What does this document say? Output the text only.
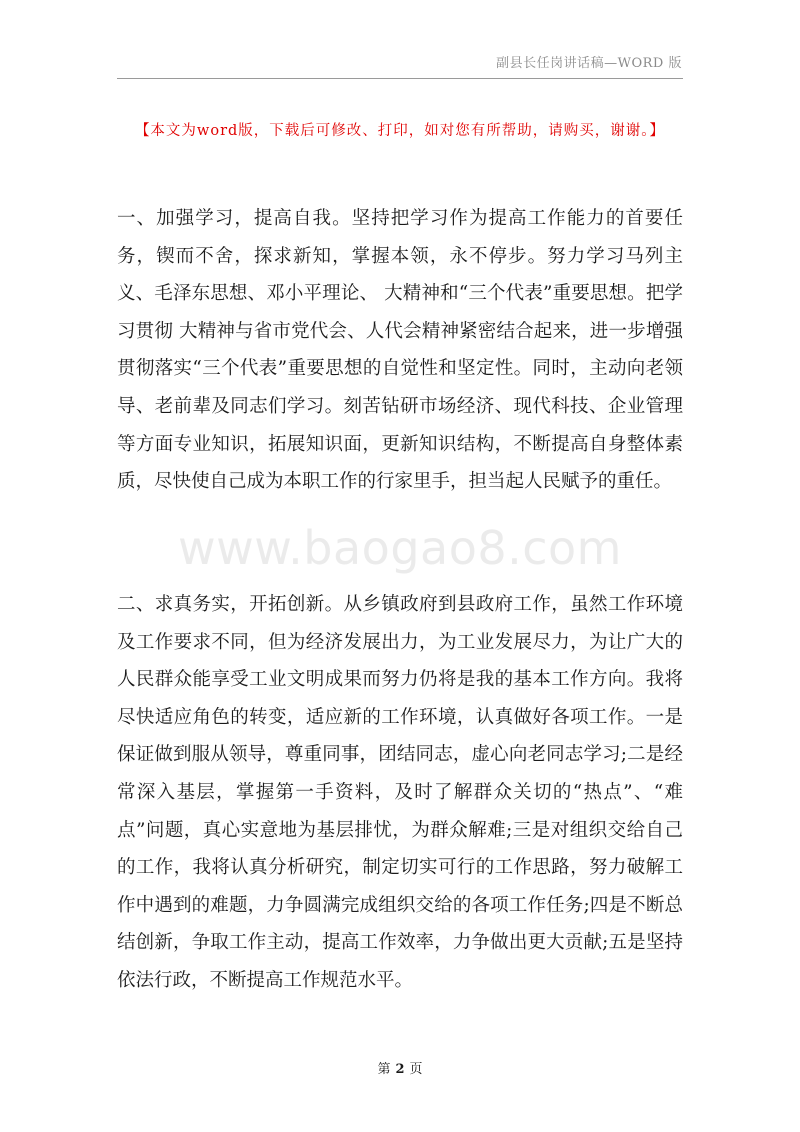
副县长任岗讲话稿—WORD 版
【本文为word版，下载后可修改、打印，如对您有所帮助，请购买，谢谢。】

一、加强学习，提高自我。坚持把学习作为提高工作能力的首要任务，锲而不舍，探求新知，掌握本领，永不停步。努力学习马列主义、毛泽东思想、邓小平理论、 大精神和“三个代表”重要思想。把学习贯彻 大精神与省市党代会、人代会精神紧密结合起来，进一步增强贯彻落实“三个代表”重要思想的自觉性和坚定性。同时，主动向老领导、老前辈及同志们学习。刻苦钻研市场经济、现代科技、企业管理等方面专业知识，拓展知识面，更新知识结构，不断提高自身整体素质，尽快使自己成为本职工作的行家里手，担当起人民赋予的重任。

www.baogao8.com

二、求真务实，开拓创新。从乡镇政府到县政府工作，虽然工作环境及工作要求不同，但为经济发展出力，为工业发展尽力，为让广大的人民群众能享受工业文明成果而努力仍将是我的基本工作方向。我将尽快适应角色的转变，适应新的工作环境，认真做好各项工作。一是保证做到服从领导，尊重同事，团结同志，虚心向老同志学习;二是经常深入基层，掌握第一手资料，及时了解群众关切的“热点”、“难点”问题，真心实意地为基层排忧，为群众解难;三是对组织交给自己的工作，我将认真分析研究，制定切实可行的工作思路，努力破解工作中遇到的难题，力争圆满完成组织交给的各项工作任务;四是不断总结创新，争取工作主动，提高工作效率，力争做出更大贡献;五是坚持依法行政，不断提高工作规范水平。

第 2 页
